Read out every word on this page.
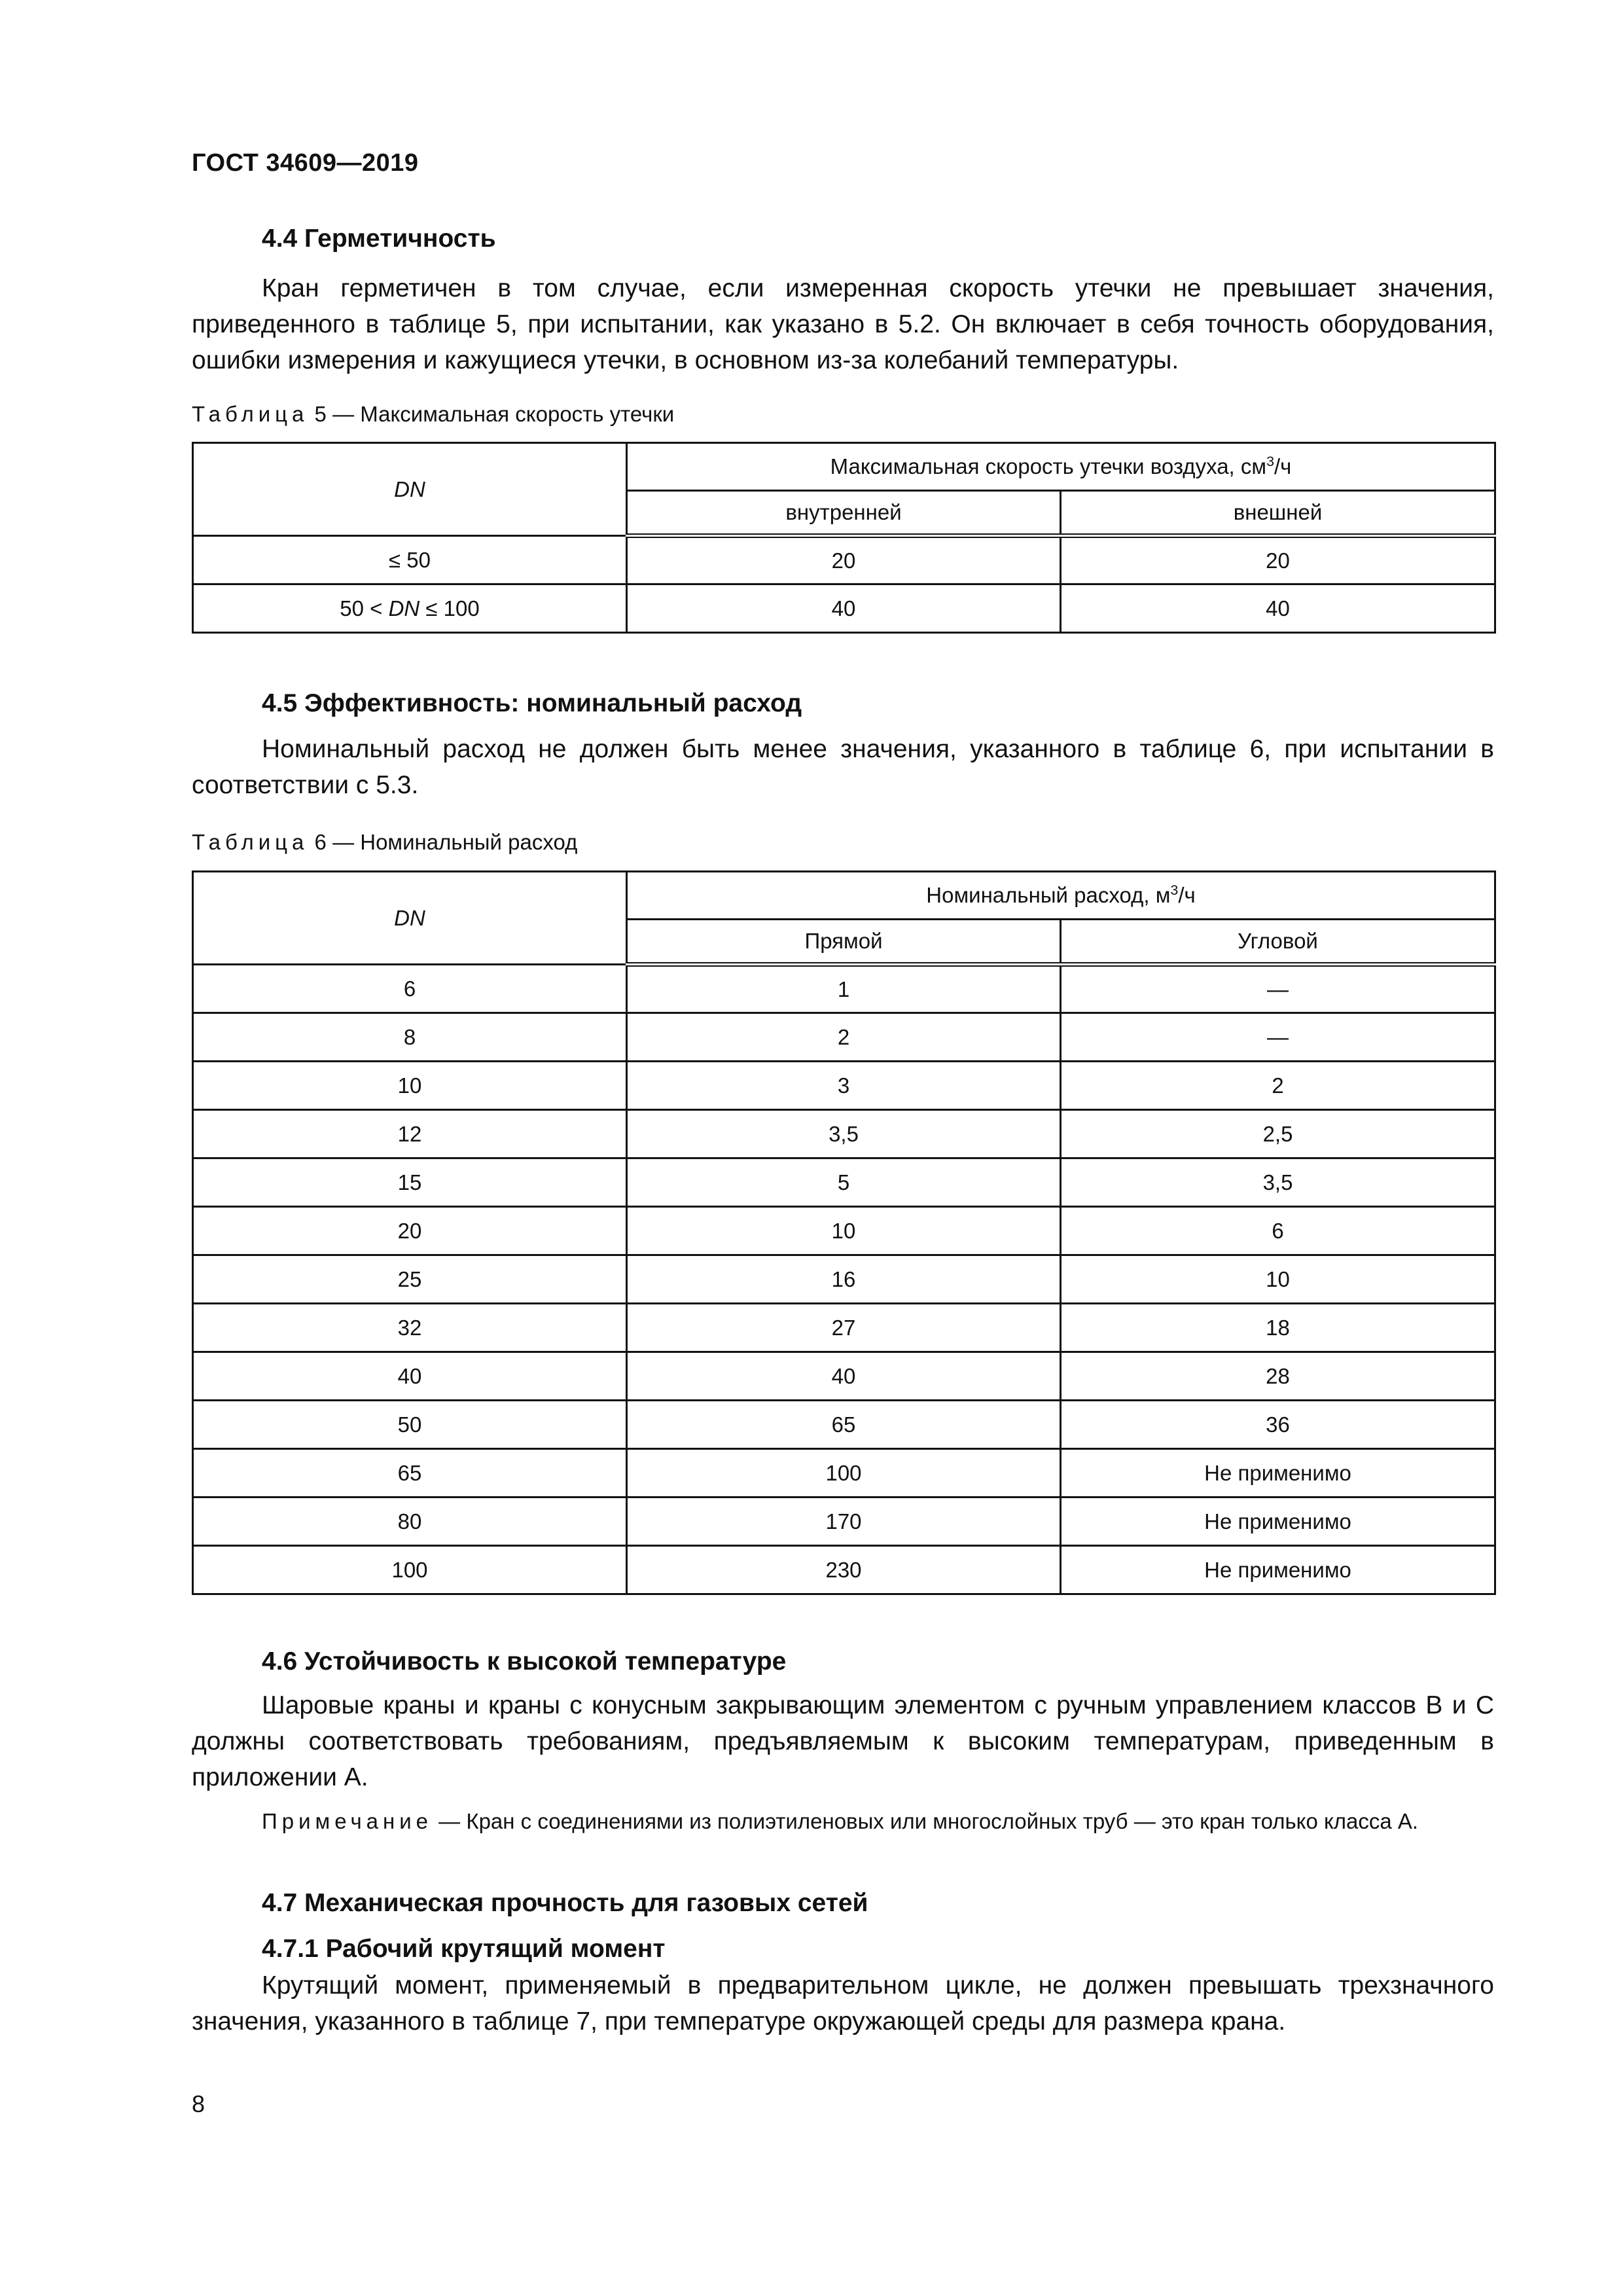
ГОСТ 34609—2019
4.4 Герметичность
Кран герметичен в том случае, если измеренная скорость утечки не превышает значения, приведенного в таблице 5, при испытании, как указано в 5.2. Он включает в себя точность оборудования, ошибки измерения и кажущиеся утечки, в основном из-за колебаний температуры.
Таблица 5 — Максимальная скорость утечки
DN	Максимальная скорость утечки воздуха, $см^3/ч$	
	внутренней	внешней
≤ 50	20	20
50 < DN ≤ 100	40	40
4.5 Эффективность: номинальный расход
Номинальный расход не должен быть менее значения, указанного в таблице 6, при испытании в соответствии с 5.3.
Таблица 6 — Номинальный расход
DN	Номинальный расход, $м^3/ч$	
	Прямой	Угловой
6	1	—
8	2	—
10	3	2
12	3,5	2,5
15	5	3,5
20	10	6
25	16	10
32	27	18
40	40	28
50	65	36
65	100	Не применимо
80	170	Не применимо
100	230	Не применимо
4.6 Устойчивость к высокой температуре
Шаровые краны и краны с конусным закрывающим элементом с ручным управлением классов В и С должны соответствовать требованиям, предъявляемым к высоким температурам, приведенным в приложении А.
Примечание — Кран с соединениями из полиэтиленовых или многослойных труб — это кран только класса А.
4.7 Механическая прочность для газовых сетей
4.7.1 Рабочий крутящий момент
Крутящий момент, применяемый в предварительном цикле, не должен превышать трехзначного значения, указанного в таблице 7, при температуре окружающей среды для размера крана.
8
